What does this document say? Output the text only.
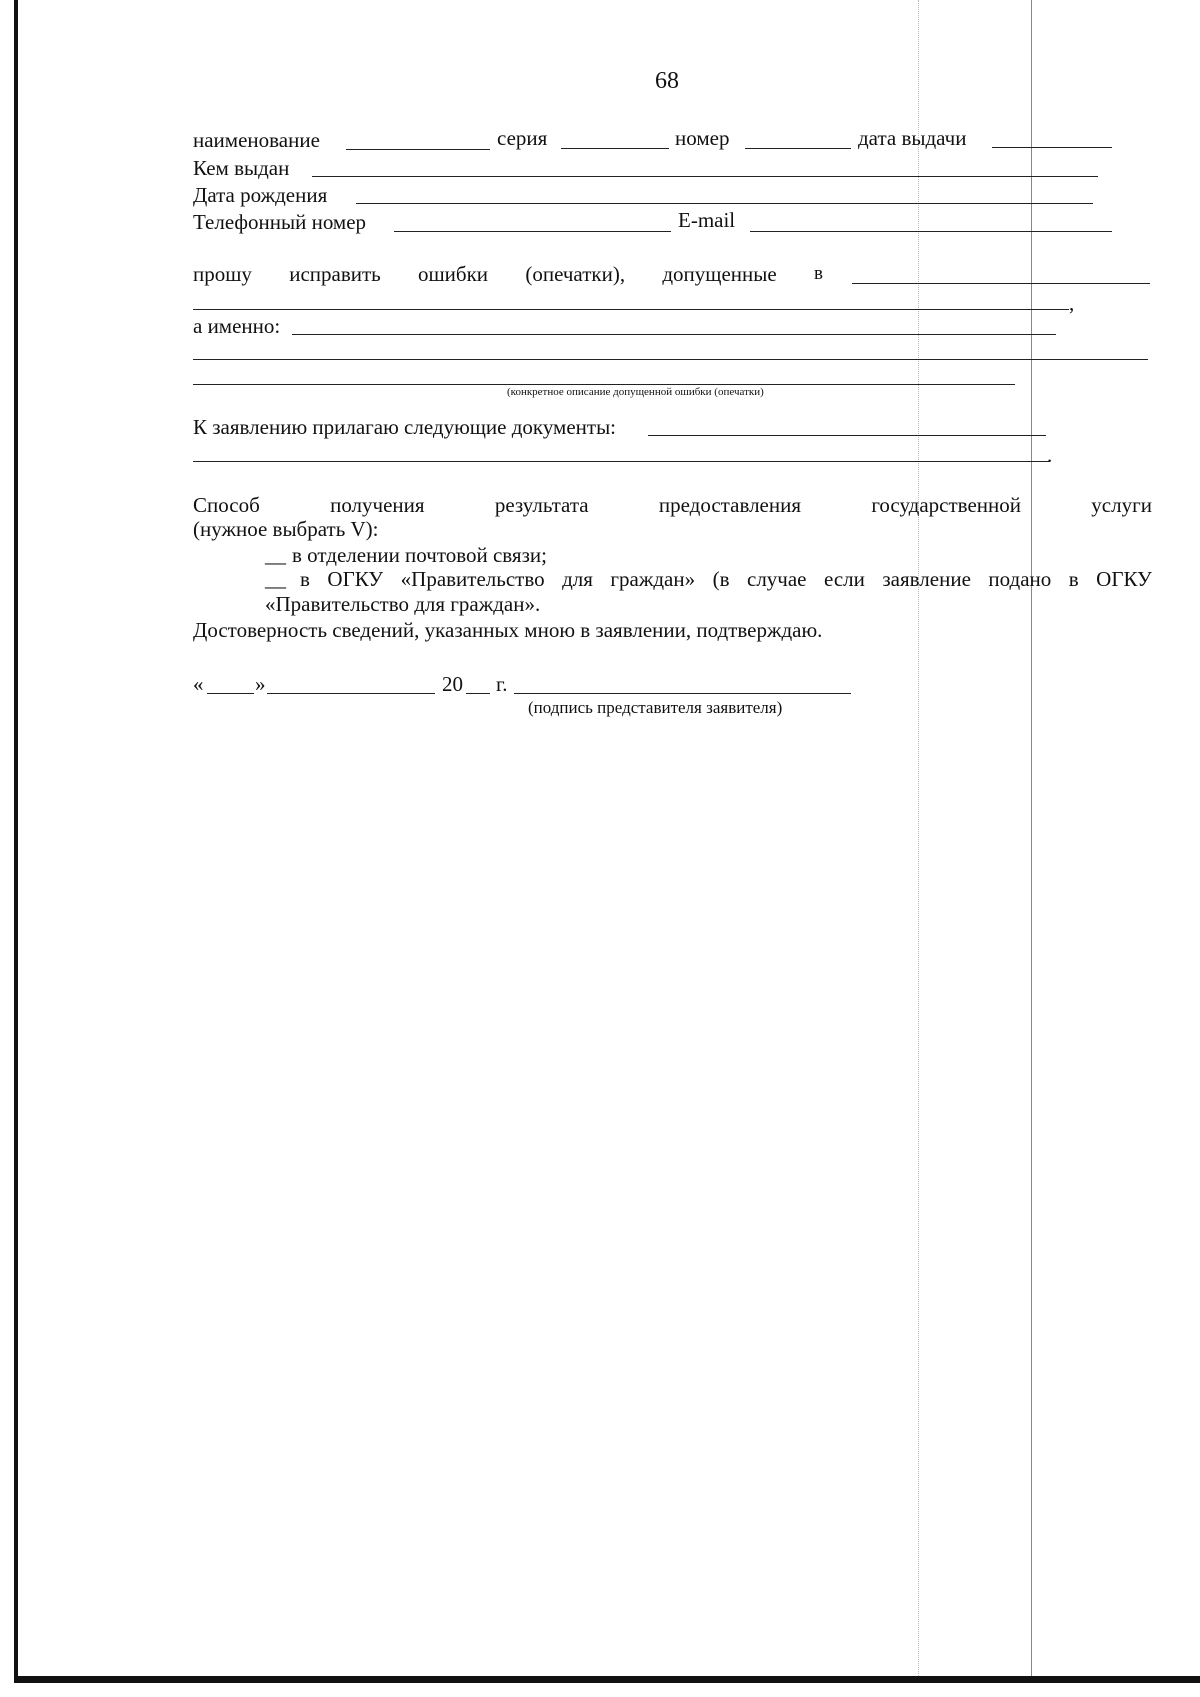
68
наименование	серия	номер	дата выдачи
Кем выдан
Дата рождения
Телефонный номер	E-mail
прошу исправить ошибки (опечатки), допущенные в
,
а именно:
(конкретное описание допущенной ошибки (опечатки)
К заявлению прилагаю следующие документы:
.
Способ	получения	результата	предоставления	государственной	услуги
(нужное выбрать V):
__ в отделении почтовой связи;
__ в ОГКУ «Правительство для граждан» (в случае если заявление подано в ОГКУ
«Правительство для граждан».
Достоверность сведений, указанных мною в заявлении, подтверждаю.
« »	20 г.
(подпись представителя заявителя)
